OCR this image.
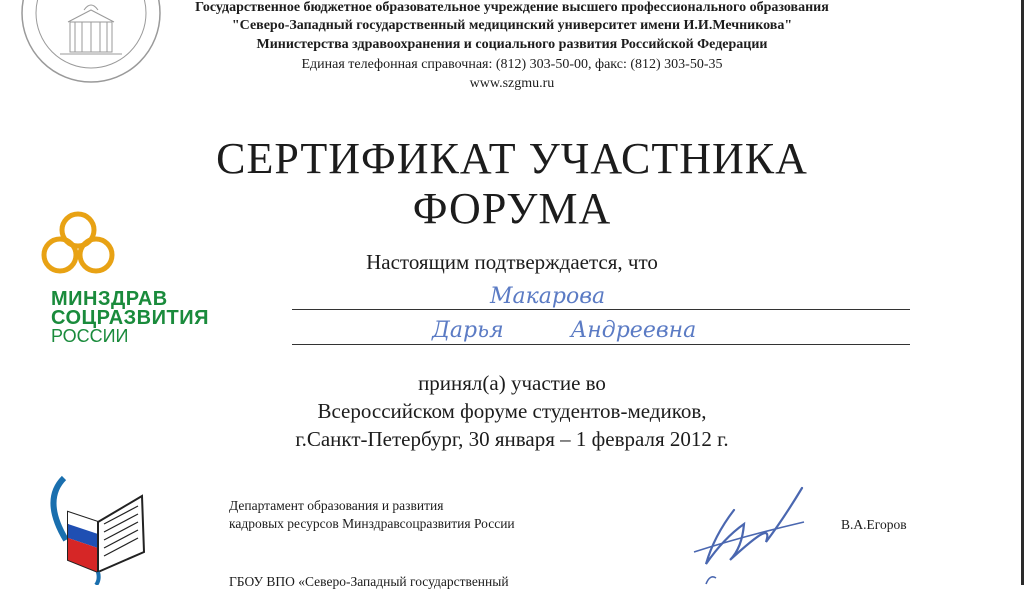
Государственное бюджетное образовательное учреждение высшего профессионального образования
"Северо-Западный государственный медицинский университет имени И.И.Мечникова"
Министерства здравоохранения и социального развития Российской Федерации
Единая телефонная справочная: (812) 303-50-00, факс: (812) 303-50-35
www.szgmu.ru
СЕРТИФИКАТ УЧАСТНИКА
ФОРУМА
Настоящим подтверждается, что
Макарова
Дарья Андреевна
принял(а) участие во
Всероссийском форуме студентов-медиков,
г.Санкт-Петербург, 30 января – 1 февраля 2012 г.
МИНЗДРАВ
СОЦРАЗВИТИЯ
РОССИИ
Департамент образования и развития
кадровых ресурсов Минздравсоцразвития России	В.А.Егоров
ГБОУ ВПО «Северо-Западный государственный
